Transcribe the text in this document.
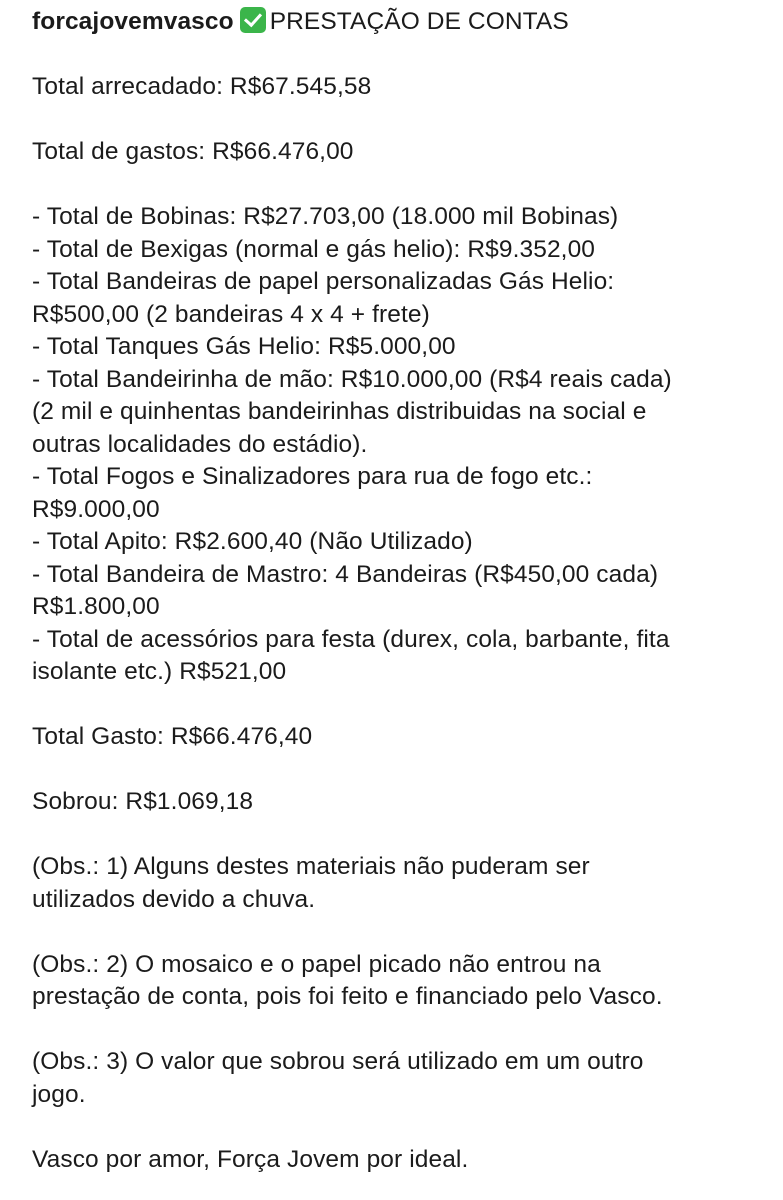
forcajovemvasco PRESTAÇÃO DE CONTAS
Total arrecadado: R$67.545,58
Total de gastos: R$66.476,00
- Total de Bobinas: R$27.703,00 (18.000 mil Bobinas)
- Total de Bexigas (normal e gás helio): R$9.352,00
- Total Bandeiras de papel personalizadas Gás Helio:
R$500,00 (2 bandeiras 4 x 4 + frete)
- Total Tanques Gás Helio: R$5.000,00
- Total Bandeirinha de mão: R$10.000,00 (R$4 reais cada)
(2 mil e quinhentas bandeirinhas distribuidas na social e
outras localidades do estádio).
- Total Fogos e Sinalizadores para rua de fogo etc.:
R$9.000,00
- Total Apito: R$2.600,40 (Não Utilizado)
- Total Bandeira de Mastro: 4 Bandeiras (R$450,00 cada)
R$1.800,00
- Total de acessórios para festa (durex, cola, barbante, fita
isolante etc.) R$521,00
Total Gasto: R$66.476,40
Sobrou: R$1.069,18
(Obs.: 1) Alguns destes materiais não puderam ser
utilizados devido a chuva.
(Obs.: 2) O mosaico e o papel picado não entrou na
prestação de conta, pois foi feito e financiado pelo Vasco.
(Obs.: 3) O valor que sobrou será utilizado em um outro
jogo.
Vasco por amor, Força Jovem por ideal.
